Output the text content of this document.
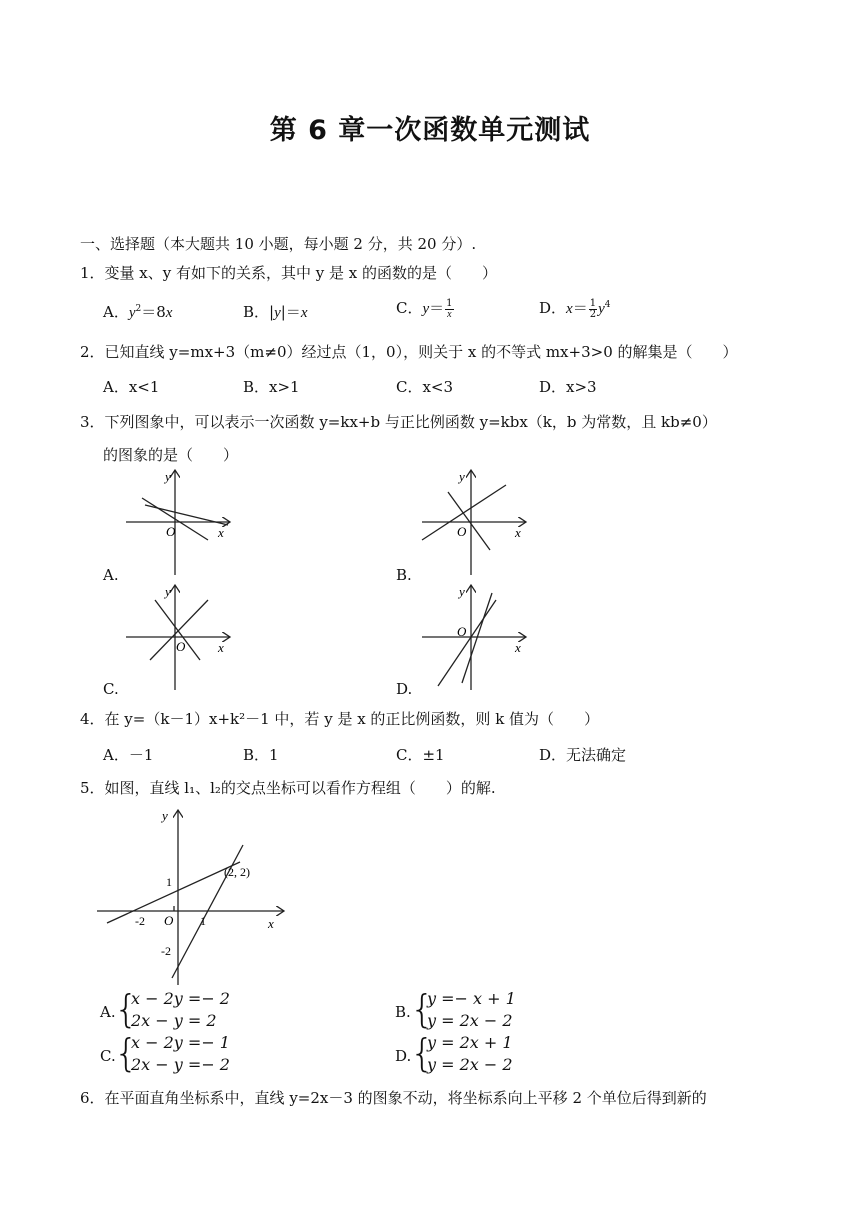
第 6 章一次函数单元测试
一、选择题（本大题共 10 小题，每小题 2 分，共 20 分）.
1．变量 x、y 有如下的关系，其中 y 是 x 的函数的是（　　）
A．$y^2=8x$	B．|y|＝x	C．$y= \frac{1}{x}$	D．$x= \frac{1}{2} y^4$
2．已知直线 y=mx+3（m≠0）经过点（1，0），则关于 x 的不等式 mx+3>0 的解集是（　　）
A．x<1	B．x>1	C．x<3	D．x>3
3．下列图象中，可以表示一次函数 y=kx+b 与正比例函数 y=kbx（k，b 为常数，且 kb≠0）
的图象的是（　　）
O	x
y
O	x
y
O	x
y
O
x
y
y
x
O
1
1
-2
-2
(2, 2)
A.	B.
C.	D.
4．在 y=（k－1）x+k²－1 中，若 y 是 x 的正比例函数，则 k 值为（　　）
A．－1	B．1	C．±1	D．无法确定
5．如图，直线 l₁、l₂的交点坐标可以看作方程组（　　）的解.
A.
{
x − 2y =− 2
2x − y = 2	B. {
y =− x + 1
y = 2x − 2
C.
{
x − 2y =− 1
2x − y =− 2	D.
{
y = 2x + 1
y = 2x − 2
6．在平面直角坐标系中，直线 y=2x－3 的图象不动，将坐标系向上平移 2 个单位后得到新的
